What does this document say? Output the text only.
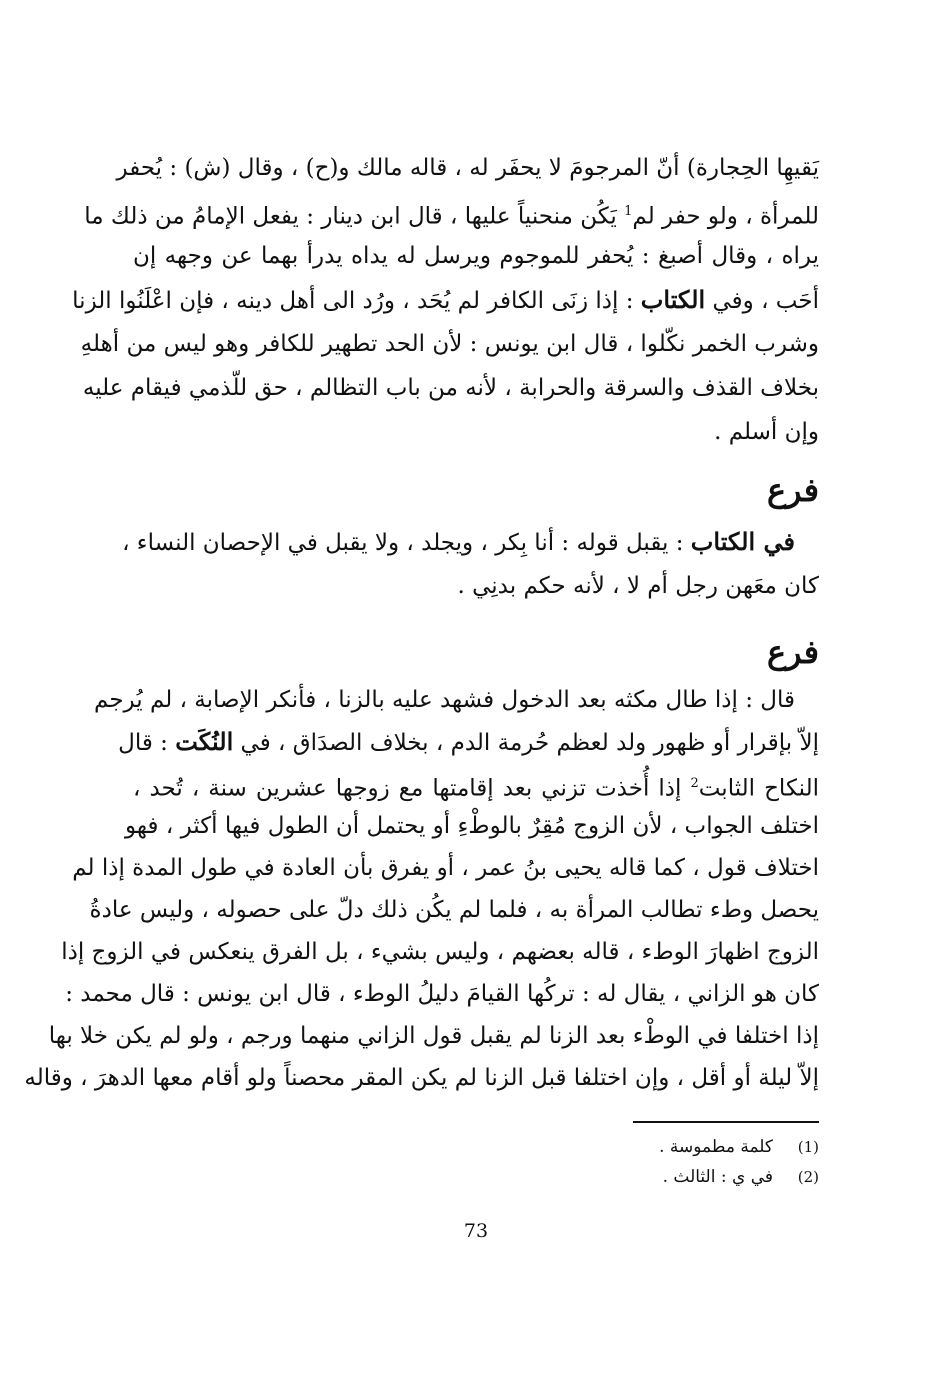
يَقيهِا الحِجارة) أنّ المرجومَ لا يحفَر له ، قاله مالك و(ح) ، وقال (ش) : يُحفر
للمرأة ، ولو حفر لم$^1$ يَكُن منحنياً عليها ، قال ابن دينار : يفعل الإمامُ من ذلك ما
يراه ، وقال أصبغ : يُحفر للموجوم ويرسل له يداه يدرأ بهما عن وجهه إن
أحَب ، وفي الكتاب : إذا زنَى الكافر لم يُحَد ، ورُد الى أهل دينه ، فإن اعْلَنُوا الزنا
وشرب الخمر نكّلوا ، قال ابن يونس : لأن الحد تطهير للكافر وهو ليس من أهلهِ
بخلاف القذف والسرقة والحرابة ، لأنه من باب التظالم ، حق للّذمي فيقام عليه
وإن أسلم .
فرع
في الكتاب : يقبل قوله : أنا بِكر ، ويجلد ، ولا يقبل في الإحصان النساء ،
كان معَهن رجل أم لا ، لأنه حكم بدنِي .
فرع
قال : إذا طال مكثه بعد الدخول فشهد عليه بالزنا ، فأنكر الإصابة ، لم يُرجم
إلاّ بإقرار أو ظهور ولد لعظم حُرمة الدم ، بخلاف الصدَاق ، في النُكَت : قال
النكاح الثابت$^2$ إذا أُخذت تزني بعد إقامتها مع زوجها عشرين سنة ، تُحد ،
اختلف الجواب ، لأن الزوج مُقِرٌ بالوطْءِ أو يحتمل أن الطول فيها أكثر ، فهو
اختلاف قول ، كما قاله يحيى بنُ عمر ، أو يفرق بأن العادة في طول المدة إذا لم
يحصل وطء تطالب المرأة به ، فلما لم يكُن ذلك دلّ على حصوله ، وليس عادةُ
الزوج اظهارَ الوطء ، قاله بعضهم ، وليس بشيء ، بل الفرق ينعكس في الزوج إذا
كان هو الزاني ، يقال له : تركُها القيامَ دليلُ الوطء ، قال ابن يونس : قال محمد :
إذا اختلفا في الوطْء بعد الزنا لم يقبل قول الزاني منهما ورجم ، ولو لم يكن خلا بها
إلاّ ليلة أو أقل ، وإن اختلفا قبل الزنا لم يكن المقر محصناً ولو أقام معها الدهرَ ، وقاله
(1)كلمة مطموسة .
(2)في ي : الثالث .
73
